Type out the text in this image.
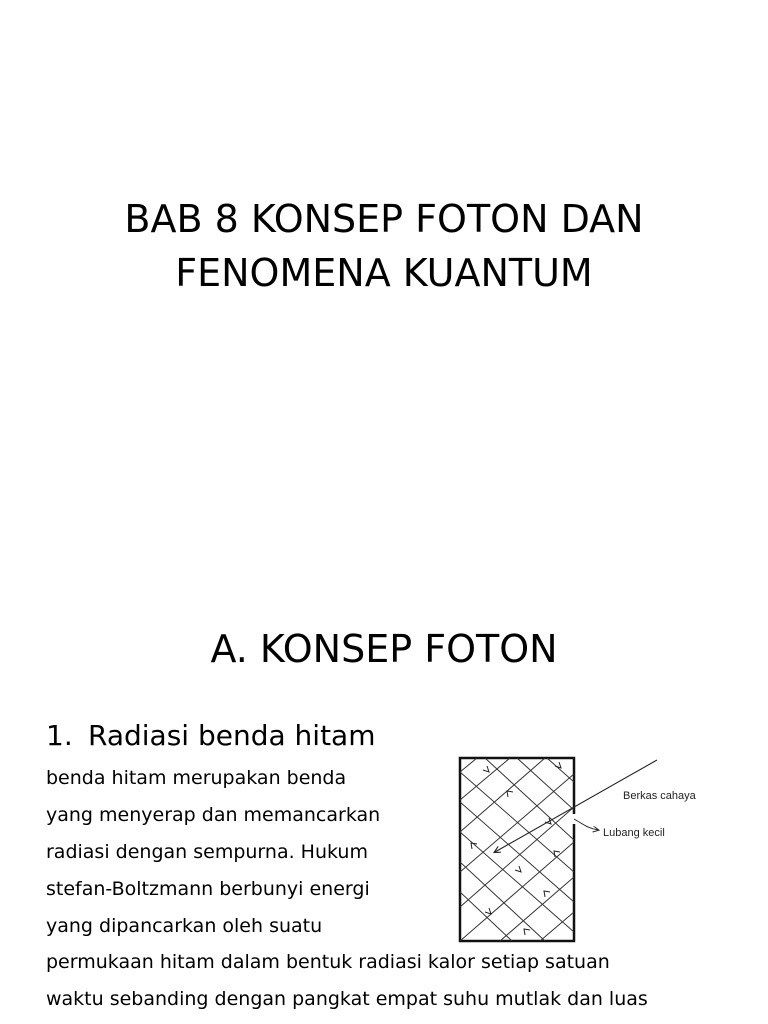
BAB 8 KONSEP FOTON DAN
FENOMENA KUANTUM
A. KONSEP FOTON
1. Radiasi benda hitam
benda hitam merupakan benda
yang menyerap dan memancarkan
radiasi dengan sempurna. Hukum
stefan-Boltzmann berbunyi energi
yang dipancarkan oleh suatu
permukaan hitam dalam bentuk radiasi kalor setiap satuan
waktu sebanding dengan pangkat empat suhu mutlak dan luas
Berkas cahaya
Lubang kecil
